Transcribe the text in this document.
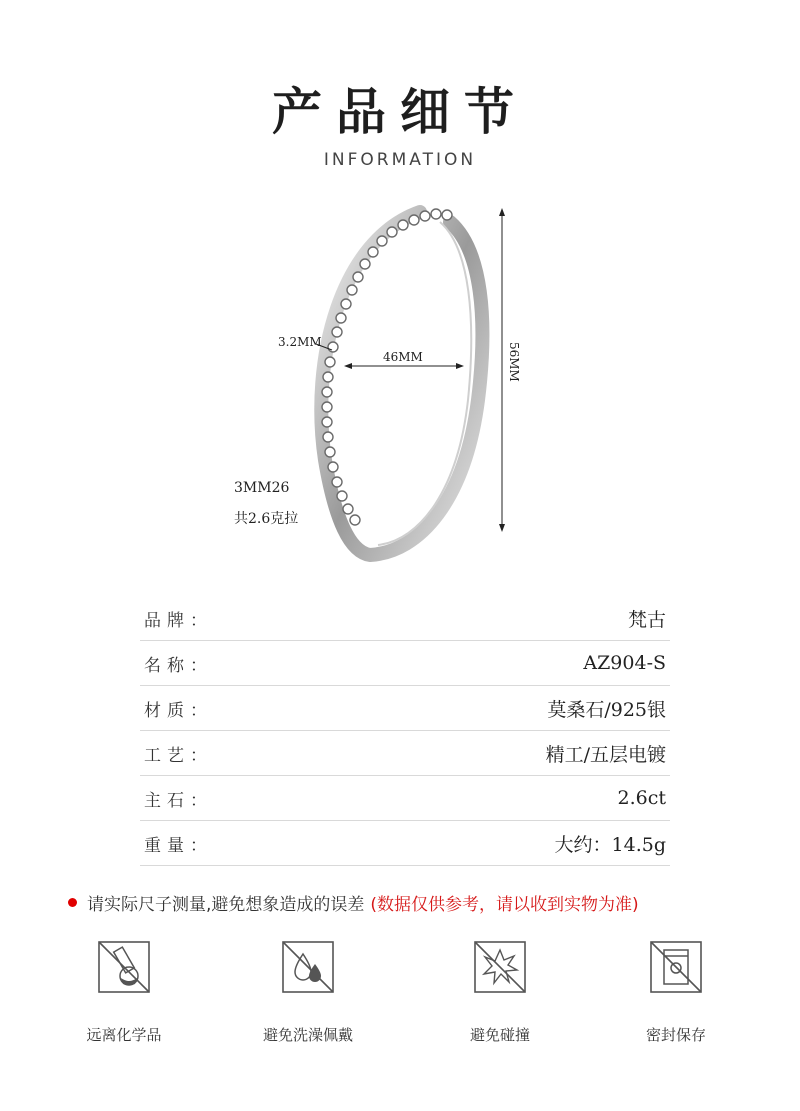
产品细节
INFORMATION
3.2MM
46MM	56MM
3MM26
共2.6克拉
品牌：	梵古
名称：	AZ904-S
材质：	莫桑石/925银
工艺：	精工/五层电镀
主石：	2.6ct
重量：	大约：14.5g
请实际尺子测量,避免想象造成的误差 (数据仅供参考，请以收到实物为准)
远离化学品	避免洗澡佩戴	避免碰撞	密封保存
